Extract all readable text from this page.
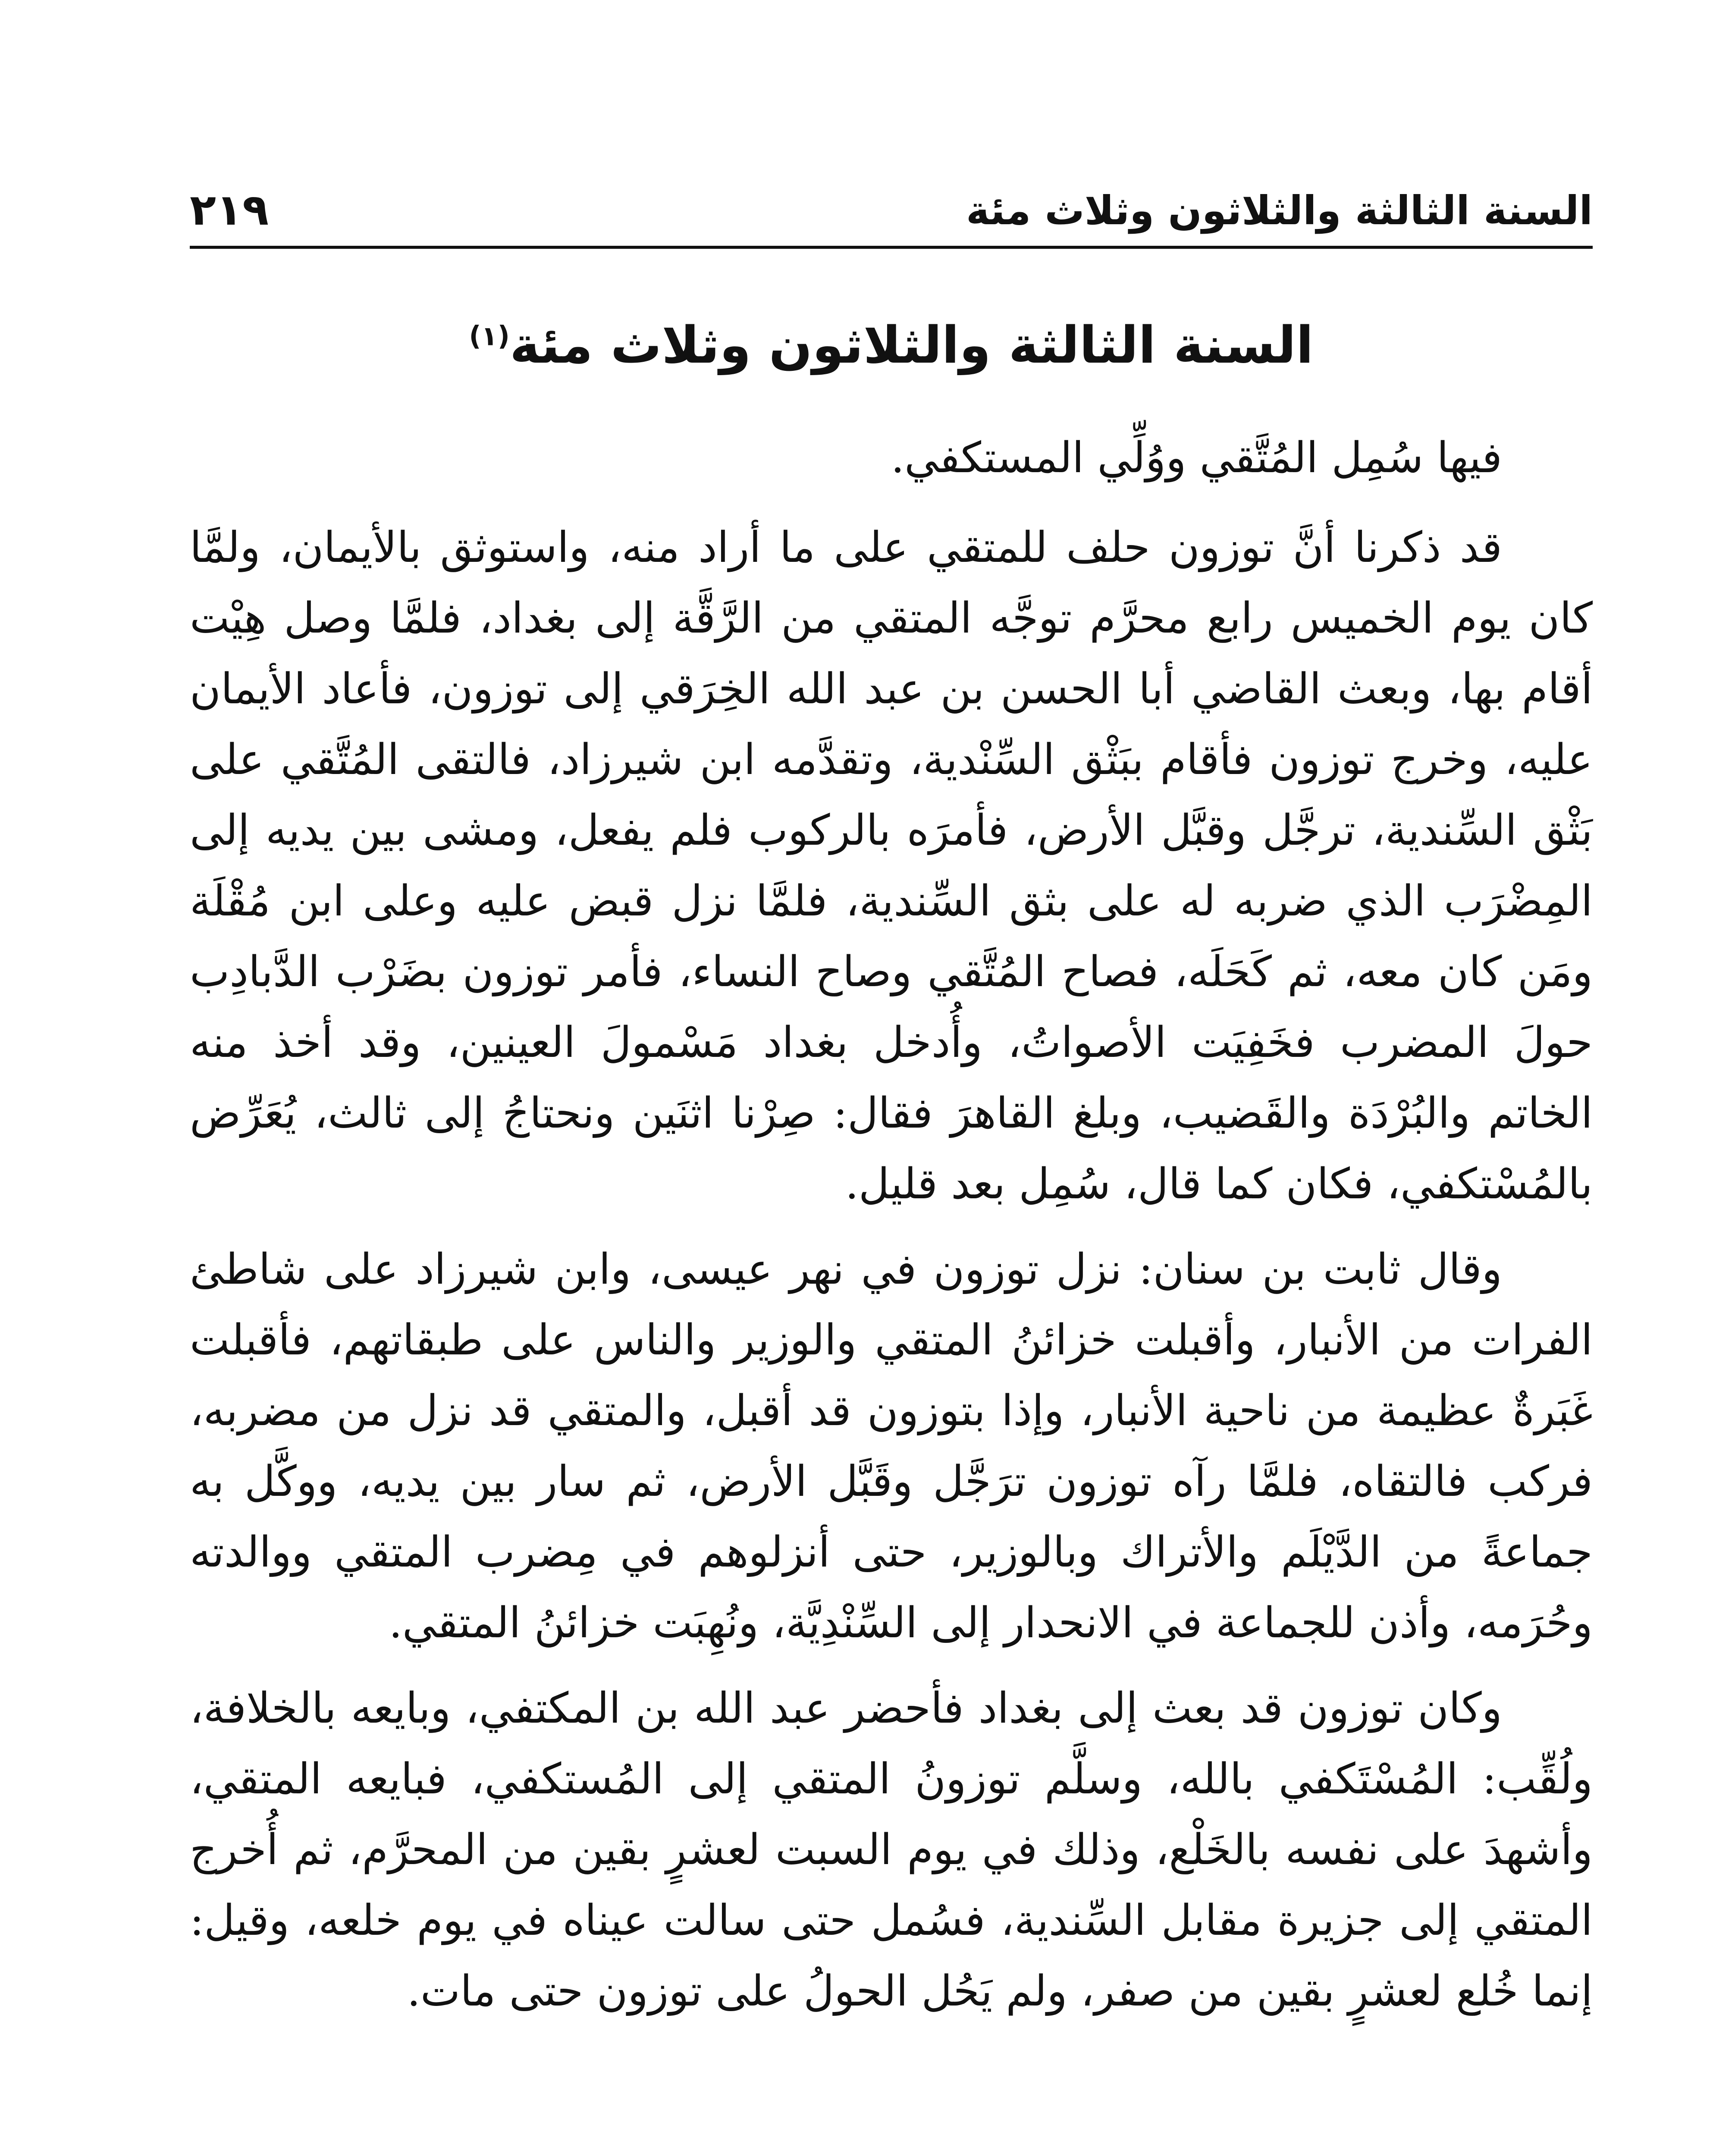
السنة الثالثة والثلاثون وثلاث مئة
٢١٩
السنة الثالثة والثلاثون وثلاث مئة$^{(١)}$

فيها سُمِل المُتَّقي ووُلِّي المستكفي.

قد ذكرنا أنَّ توزون حلف للمتقي على ما أراد منه، واستوثق بالأيمان، ولمَّا كان يوم الخميس رابع محرَّم توجَّه المتقي من الرَّقَّة إلى بغداد، فلمَّا وصل هِيْت أقام بها، وبعث القاضي أبا الحسن بن عبد الله الخِرَقي إلى توزون، فأعاد الأيمان عليه، وخرج توزون فأقام ببَثْق السِّنْدية، وتقدَّمه ابن شيرزاد، فالتقى المُتَّقي على بَثْق السِّندية، ترجَّل وقبَّل الأرض، فأمرَه بالركوب فلم يفعل، ومشى بين يديه إلى المِضْرَب الذي ضربه له على بثق السِّندية، فلمَّا نزل قبض عليه وعلى ابن مُقْلَة ومَن كان معه، ثم كَحَلَه، فصاح المُتَّقي وصاح النساء، فأمر توزون بضَرْب الدَّبادِب حولَ المضرب فخَفِيَت الأصواتُ، وأُدخل بغداد مَسْمولَ العينين، وقد أخذ منه الخاتم والبُرْدَة والقَضيب، وبلغ القاهرَ فقال: صِرْنا اثنَين ونحتاجُ إلى ثالث، يُعَرِّض بالمُسْتكفي، فكان كما قال، سُمِل بعد قليل.

وقال ثابت بن سنان: نزل توزون في نهر عيسى، وابن شيرزاد على شاطئ الفرات من الأنبار، وأقبلت خزائنُ المتقي والوزير والناس على طبقاتهم، فأقبلت غَبَرةٌ عظيمة من ناحية الأنبار، وإذا بتوزون قد أقبل، والمتقي قد نزل من مضربه، فركب فالتقاه، فلمَّا رآه توزون ترَجَّل وقَبَّل الأرض، ثم سار بين يديه، ووكَّل به جماعةً من الدَّيْلَم والأتراك وبالوزير، حتى أنزلوهم في مِضرب المتقي ووالدته وحُرَمه، وأذن للجماعة في الانحدار إلى السِّنْدِيَّة، ونُهِبَت خزائنُ المتقي.

وكان توزون قد بعث إلى بغداد فأحضر عبد الله بن المكتفي، وبايعه بالخلافة، ولُقِّب: المُسْتَكفي بالله، وسلَّم توزونُ المتقي إلى المُستكفي، فبايعه المتقي، وأشهدَ على نفسه بالخَلْع، وذلك في يوم السبت لعشرٍ بقين من المحرَّم، ثم أُخرج المتقي إلى جزيرة مقابل السِّندية، فسُمل حتى سالت عيناه في يوم خلعه، وقيل: إنما خُلع لعشرٍ بقين من صفر، ولم يَحُل الحولُ على توزون حتى مات.
